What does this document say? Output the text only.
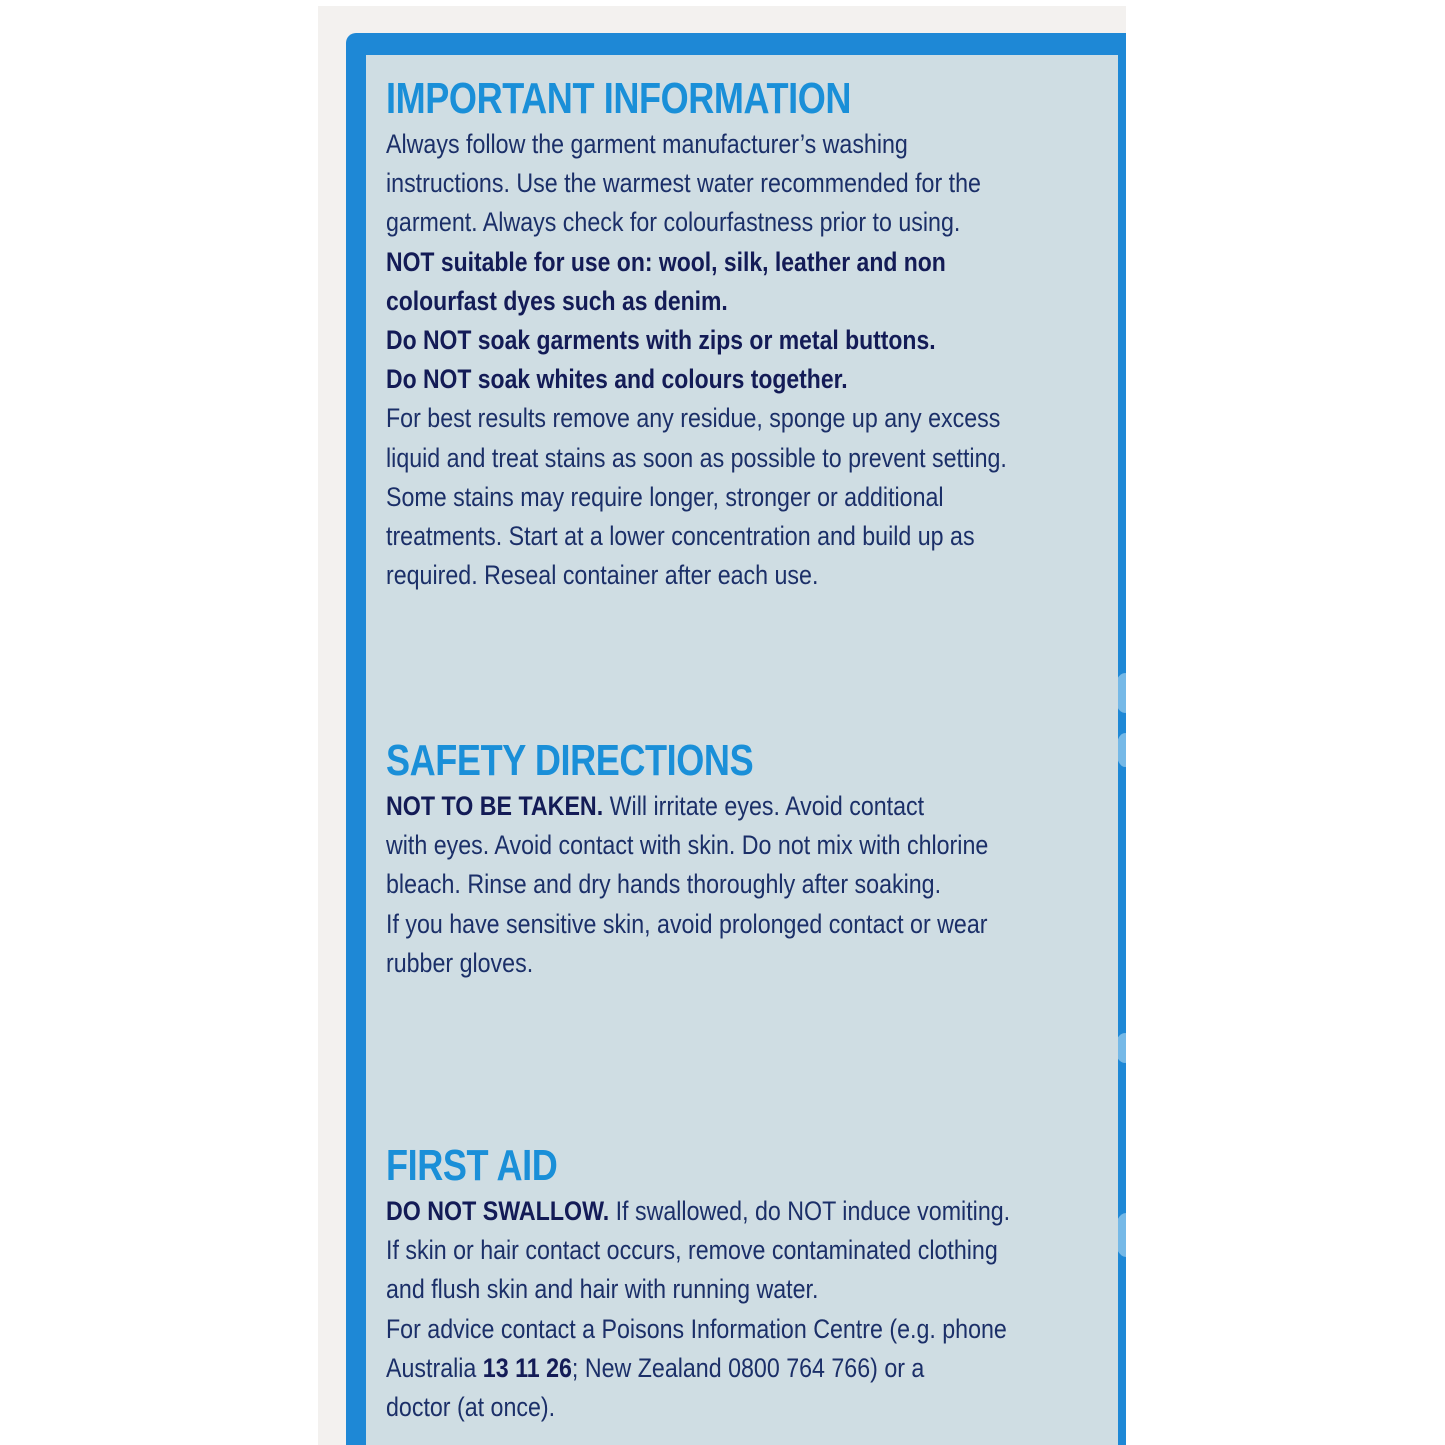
IMPORTANT INFORMATION
Always follow the garment manufacturer’s washing
instructions. Use the warmest water recommended for the
garment. Always check for colourfastness prior to using.
NOT suitable for use on: wool, silk, leather and non
colourfast dyes such as denim.
Do NOT soak garments with zips or metal buttons.
Do NOT soak whites and colours together.
For best results remove any residue, sponge up any excess
liquid and treat stains as soon as possible to prevent setting.
Some stains may require longer, stronger or additional
treatments. Start at a lower concentration and build up as
required. Reseal container after each use.
SAFETY DIRECTIONS
NOT TO BE TAKEN. Will irritate eyes. Avoid contact
with eyes. Avoid contact with skin. Do not mix with chlorine
bleach. Rinse and dry hands thoroughly after soaking.
If you have sensitive skin, avoid prolonged contact or wear
rubber gloves.
FIRST AID
DO NOT SWALLOW. If swallowed, do NOT induce vomiting.
If skin or hair contact occurs, remove contaminated clothing
and flush skin and hair with running water.
For advice contact a Poisons Information Centre (e.g. phone
Australia 13 11 26; New Zealand 0800 764 766) or a
doctor (at once).
